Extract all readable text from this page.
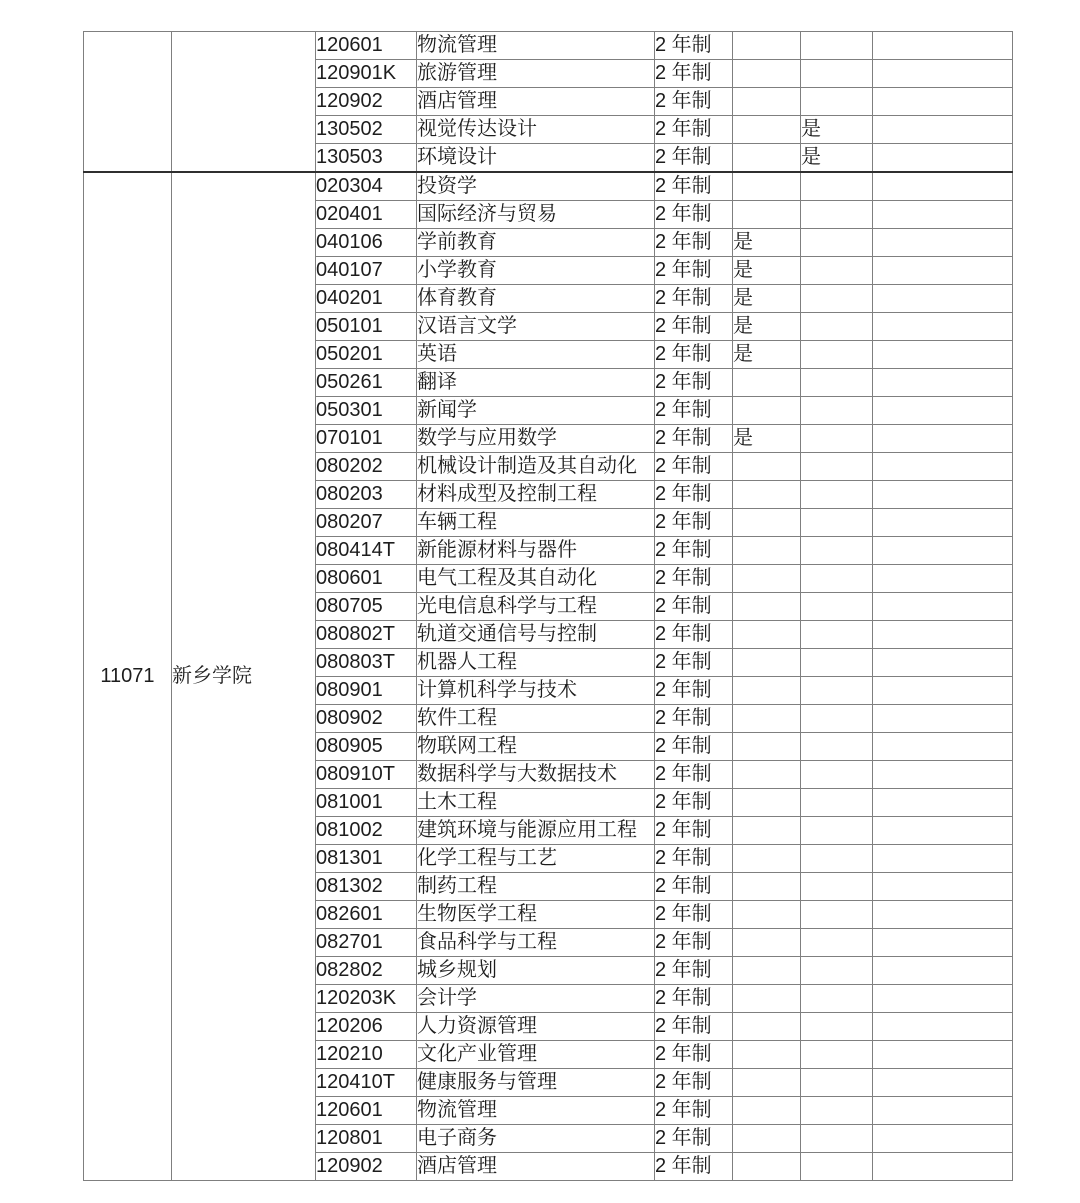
		120601	物流管理	2 年制			
		120901K	旅游管理	2 年制			
		120902	酒店管理	2 年制			
		130502	视觉传达设计	2 年制		是	
		130503	环境设计	2 年制		是	
11071	新乡学院	020304	投资学	2 年制			
		020401	国际经济与贸易	2 年制			
		040106	学前教育	2 年制	是		
		040107	小学教育	2 年制	是		
		040201	体育教育	2 年制	是		
		050101	汉语言文学	2 年制	是		
		050201	英语	2 年制	是		
		050261	翻译	2 年制			
		050301	新闻学	2 年制			
		070101	数学与应用数学	2 年制	是		
		080202	机械设计制造及其自动化	2 年制			
		080203	材料成型及控制工程	2 年制			
		080207	车辆工程	2 年制			
		080414T	新能源材料与器件	2 年制			
		080601	电气工程及其自动化	2 年制			
		080705	光电信息科学与工程	2 年制			
		080802T	轨道交通信号与控制	2 年制			
		080803T	机器人工程	2 年制			
		080901	计算机科学与技术	2 年制			
		080902	软件工程	2 年制			
		080905	物联网工程	2 年制			
		080910T	数据科学与大数据技术	2 年制			
		081001	土木工程	2 年制			
		081002	建筑环境与能源应用工程	2 年制			
		081301	化学工程与工艺	2 年制			
		081302	制药工程	2 年制			
		082601	生物医学工程	2 年制			
		082701	食品科学与工程	2 年制			
		082802	城乡规划	2 年制			
		120203K	会计学	2 年制			
		120206	人力资源管理	2 年制			
		120210	文化产业管理	2 年制			
		120410T	健康服务与管理	2 年制			
		120601	物流管理	2 年制			
		120801	电子商务	2 年制			
		120902	酒店管理	2 年制			
